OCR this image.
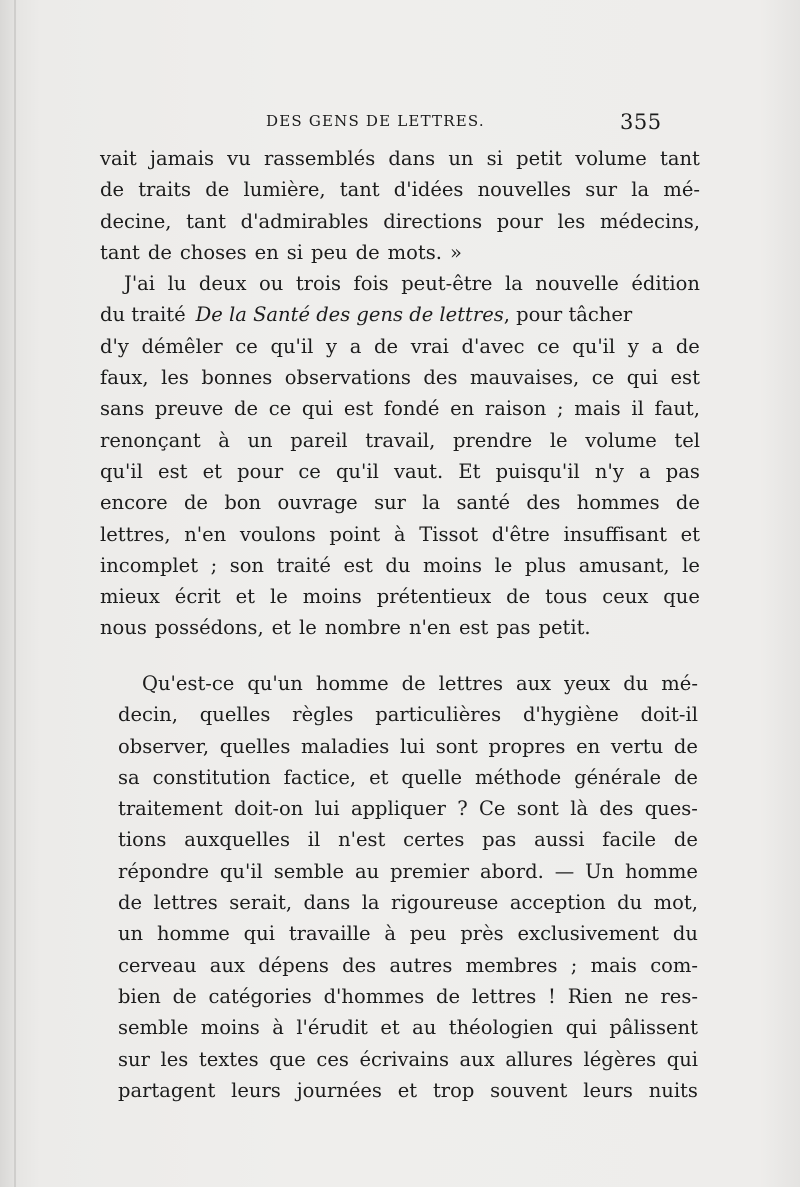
DES GENS DE LETTRES.	355
vait jamais vu rassemblés dans un si petit volume tant
de traits de lumière, tant d'idées nouvelles sur la mé-
decine, tant d'admirables directions pour les médecins,
tant de choses en si peu de mots. »
J'ai lu deux ou trois fois peut-être la nouvelle édition
du traité De la Santé des gens de lettres, pour tâcher
d'y démêler ce qu'il y a de vrai d'avec ce qu'il y a de
faux, les bonnes observations des mauvaises, ce qui est
sans preuve de ce qui est fondé en raison ; mais il faut,
renonçant à un pareil travail, prendre le volume tel
qu'il est et pour ce qu'il vaut. Et puisqu'il n'y a pas
encore de bon ouvrage sur la santé des hommes de
lettres, n'en voulons point à Tissot d'être insuffisant et
incomplet ; son traité est du moins le plus amusant, le
mieux écrit et le moins prétentieux de tous ceux que
nous possédons, et le nombre n'en est pas petit.
Qu'est-ce qu'un homme de lettres aux yeux du mé-
decin, quelles règles particulières d'hygiène doit-il
observer, quelles maladies lui sont propres en vertu de
sa constitution factice, et quelle méthode générale de
traitement doit-on lui appliquer ? Ce sont là des ques-
tions auxquelles il n'est certes pas aussi facile de
répondre qu'il semble au premier abord. — Un homme
de lettres serait, dans la rigoureuse acception du mot,
un homme qui travaille à peu près exclusivement du
cerveau aux dépens des autres membres ; mais com-
bien de catégories d'hommes de lettres ! Rien ne res-
semble moins à l'érudit et au théologien qui pâlissent
sur les textes que ces écrivains aux allures légères qui
partagent leurs journées et trop souvent leurs nuits
